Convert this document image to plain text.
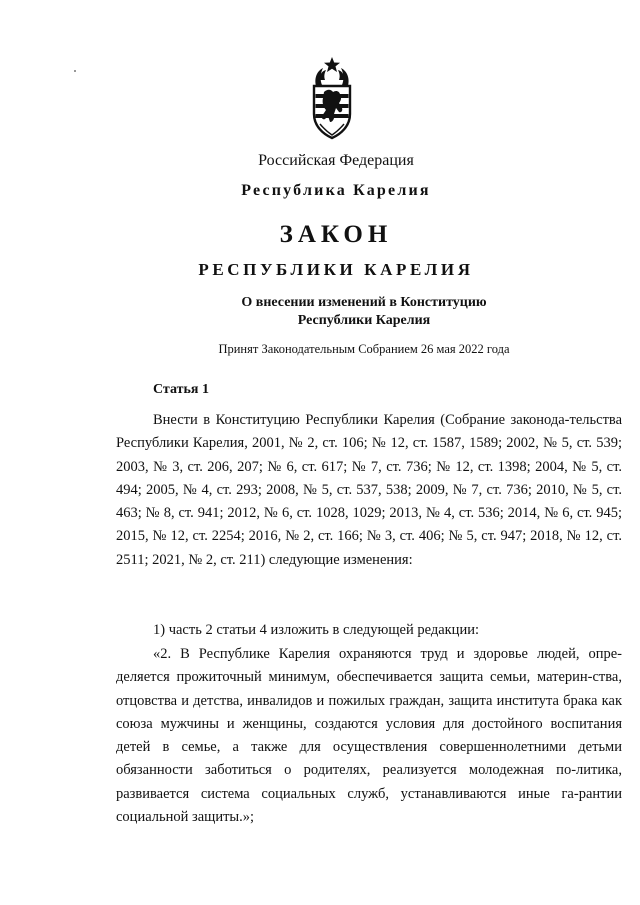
Российская Федерация
Республика Карелия
ЗАКОН
РЕСПУБЛИКИ КАРЕЛИЯ
О внесении изменений в Конституцию
Республики Карелия
Принят Законодательным Собранием 26 мая 2022 года
Статья 1

Внести в Конституцию Республики Карелия (Собрание законода-тельства Республики Карелия, 2001, № 2, ст. 106; № 12, ст. 1587, 1589; 2002, № 5, ст. 539; 2003, № 3, ст. 206, 207; № 6, ст. 617; № 7, ст. 736; № 12, ст. 1398; 2004, № 5, ст. 494; 2005, № 4, ст. 293; 2008, № 5, ст. 537, 538; 2009, № 7, ст. 736; 2010, № 5, ст. 463; № 8, ст. 941; 2012, № 6, ст. 1028, 1029; 2013, № 4, ст. 536; 2014, № 6, ст. 945; 2015, № 12, ст. 2254; 2016, № 2, ст. 166; № 3, ст. 406; № 5, ст. 947; 2018, № 12, ст. 2511; 2021, № 2, ст. 211) следующие изменения:

1) часть 2 статьи 4 изложить в следующей редакции:

«2. В Республике Карелия охраняются труд и здоровье людей, опре-деляется прожиточный минимум, обеспечивается защита семьи, материн-ства, отцовства и детства, инвалидов и пожилых граждан, защита института брака как союза мужчины и женщины, создаются условия для достойного воспитания детей в семье, а также для осуществления совершеннолетними детьми обязанности заботиться о родителях, реализуется молодежная по-литика, развивается система социальных служб, устанавливаются иные га-рантии социальной защиты.»;
